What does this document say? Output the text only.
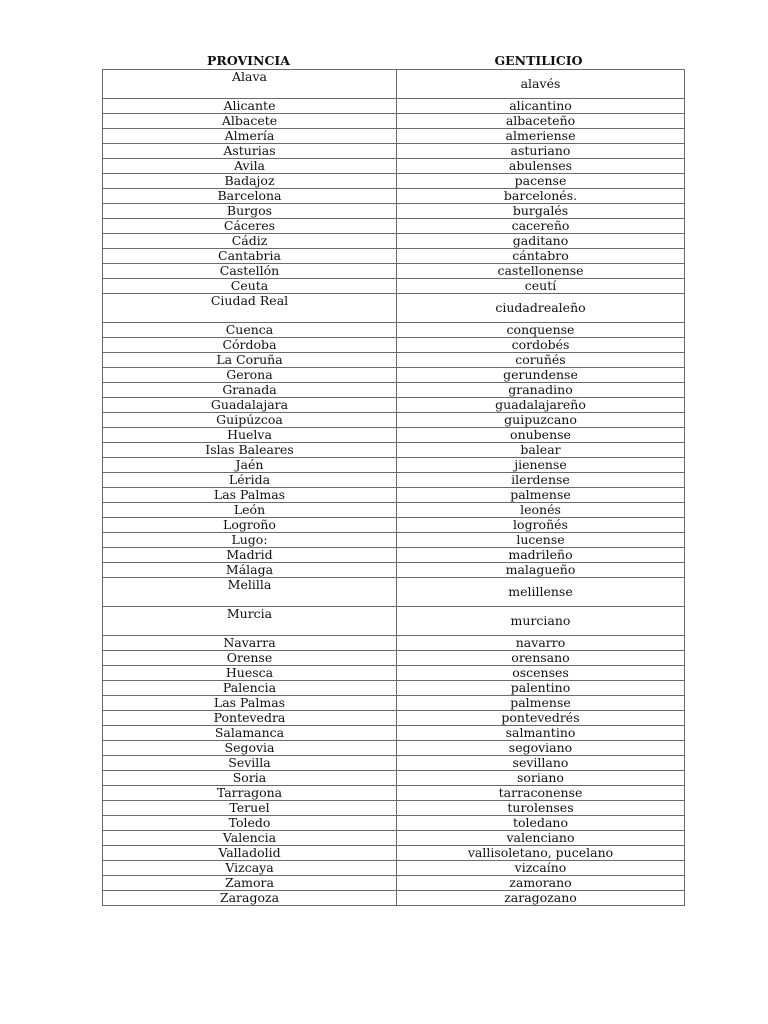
PROVINCIA	GENTILICIO
Alava	alavés
Alicante	alicantino
Albacete	albaceteño
Almería	almeriense
Asturias	asturiano
Avila	abulenses
Badajoz	pacense
Barcelona	barcelonés.
Burgos	burgalés
Cáceres	cacereño
Cádiz	gaditano
Cantabria	cántabro
Castellón	castellonense
Ceuta	ceutí
Ciudad Real	ciudadrealeño
Cuenca	conquense
Córdoba	cordobés
La Coruña	coruñés
Gerona	gerundense
Granada	granadino
Guadalajara	guadalajareño
Guipúzcoa	guipuzcano
Huelva	onubense
Islas Baleares	balear
Jaén	jienense
Lérida	ilerdense
Las Palmas	palmense
León	leonés
Logroño	logroñés
Lugo:	lucense
Madrid	madrileño
Málaga	malagueño
Melilla	melillense
Murcia	murciano
Navarra	navarro
Orense	orensano
Huesca	oscenses
Palencia	palentino
Las Palmas	palmense
Pontevedra	pontevedrés
Salamanca	salmantino
Segovia	segoviano
Sevilla	sevillano
Soria	soriano
Tarragona	tarraconense
Teruel	turolenses
Toledo	toledano
Valencia	valenciano
Valladolid	vallisoletano, pucelano
Vizcaya	vizcaíno
Zamora	zamorano
Zaragoza	zaragozano
